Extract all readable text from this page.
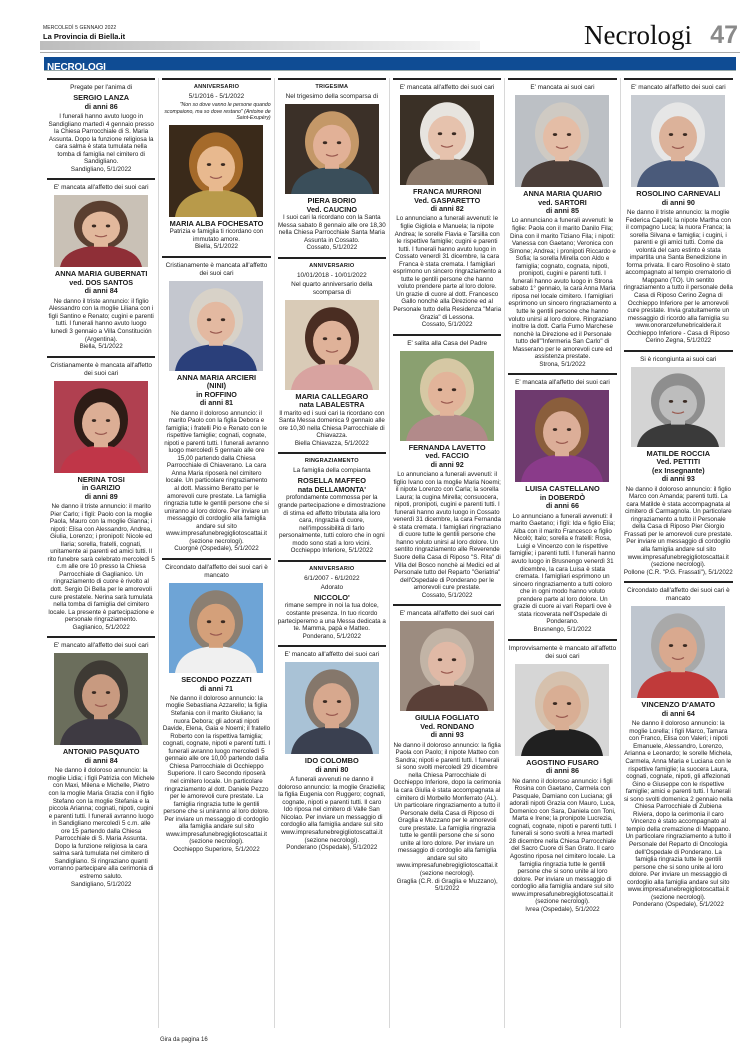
MERCOLEDÌ 5 GENNAIO 2022
La Provincia di Biella.it	Necrologi 47
NECROLOGI
Pregate per l'anima di
SERGIO LANZA
di anni 86
I funerali hanno avuto luogo in Sandigliano martedì 4 gennaio presso la Chiesa Parrocchiale di S. Maria Assunta. Dopo la funzione religiosa la cara salma è stata tumulata nella tomba di famiglia nel cimitero di Sandigliano.
Sandigliano, 5/1/2022
E' mancata all'affetto dei suoi cari
ANNA MARIA GUBERNATI
ved. DOS SANTOS
di anni 84
Ne danno il triste annuncio: il figlio Alessandro con la moglie Liliana con i figli Santino e Renato; cugini e parenti tutti. I funerali hanno avuto luogo lunedì 3 gennaio a Villa Constitución (Argentina).
Biella, 5/1/2022
Cristianamente è mancata all'affetto dei suoi cari
NERINA TOSI
in GARIZIO
di anni 89
Ne danno il triste annuncio: il marito Pier Carlo; i figli: Paolo con la moglie Paola, Mauro con la moglie Gianna; i nipoti: Elisa con Alessandro, Andrea, Giulia, Lorenzo; i pronipoti: Nicole ed Ilaria; sorella, fratelli, cognati, unitamente ai parenti ed amici tutti. Il rito funebre sarà celebrato mercoledì 5 c.m alle ore 10 presso la Chiesa Parrocchiale di Gaglianico. Un ringraziamento di cuore è rivolto al dott. Sergio Di Bella per le amorevoli cure prestatele. Nerina sarà tumulata nella tomba di famiglia del cimitero locale. La presente è partecipazione e personale ringraziamento.
Gaglianico, 5/1/2022
E' mancato all'affetto dei suoi cari
ANTONIO PASQUATO
di anni 84
Ne danno il doloroso annuncio: la moglie Lidia; i figli Patrizia con Michele con Maxi, Milena e Michelle, Pietro con la moglie Maria Grazia con il figlio Stefano con la moglie Stefania e la piccola Arianna; cognati, nipoti, cugini e parenti tutti. I funerali avranno luogo in Sandigliano mercoledì 5 c.m. alle ore 15 partendo dalla Chiesa Parrocchiale di S. Maria Assunta. Dopo la funzione religiosa la cara salma sarà tumulata nel cimitero di Sandigliano. Si ringraziano quanti vorranno partecipare alla cerimonia di estremo saluto.
Sandigliano, 5/1/2022
ANNIVERSARIO
5/1/2016 - 5/1/2022
"Non so dove vanno le persone quando scompaiono, ma so dove restano" (Antoine de Saint-Exupéry)
MARIA ALBA FOCHESATO
Patrizia e famiglia ti ricordano con immutato amore.
Biella, 5/1/2022
Cristianamente è mancata all'affetto dei suoi cari
ANNA MARIA ARCIERI
(NINI)
in ROFFINO
di anni 81
Ne danno il doloroso annuncio: il marito Paolo con la figlia Debora e famiglia; i fratelli Pio e Renato con le rispettive famiglie; cognati, cognate, nipoti e parenti tutti. I funerali avranno luogo mercoledì 5 gennaio alle ore 15,00 partendo dalla Chiesa Parrocchiale di Chiaverano. La cara Anna Maria riposerà nel cimitero locale. Un particolare ringraziamento al dott. Massimo Beratto per le amorevoli cure prestate. La famiglia ringrazia tutte le gentili persone che si uniranno al loro dolore. Per inviare un messaggio di cordoglio alla famiglia andare sul sito www.impresafunebregigliotoscattai.it (sezione necrologi).
Cuorgnè (Ospedale), 5/1/2022
Circondato dall'affetto dei suoi cari è mancato
SECONDO POZZATI
di anni 71
Ne danno il doloroso annuncio: la moglie Sebastiana Azzarello; la figlia Stefania con il marito Giuliano; la nuora Debora; gli adorati nipoti Davide, Elena, Gaia e Noemi; il fratello Roberto con la rispettiva famiglia; cognati, cognate, nipoti e parenti tutti. I funerali avranno luogo mercoledì 5 gennaio alle ore 10,00 partendo dalla Chiesa Parrocchiale di Occhieppo Superiore. Il caro Secondo riposerà nel cimitero locale. Un particolare ringraziamento al dott. Daniele Pezzo per le amorevoli cure prestate. La famiglia ringrazia tutte le gentili persone che si uniranno al loro dolore. Per inviare un messaggio di cordoglio alla famiglia andare sul sito www.impresafunebregigliotoscattai.it (sezione necrologi).
Occhieppo Superiore, 5/1/2022
TRIGESIMA
Nel trigesimo della scomparsa di
PIERA BORIO
Ved. CAUCINO
I suoi cari la ricordano con la Santa Messa sabato 8 gennaio alle ore 18,30 nella Chiesa Parrocchiale Santa Maria Assunta in Cossato.
Cossato, 5/1/2022
ANNIVERSARIO
10/01/2018 - 10/01/2022
Nel quarto anniversario della scomparsa di
MARIA CALLEGARO
nata LABALESTRA
Il marito ed i suoi cari la ricordano con Santa Messa domenica 9 gennaio alle ore 10,30 nella Chiesa Parrocchiale di Chiavazza.
Biella Chiavazza, 5/1/2022
RINGRAZIAMENTO
La famiglia della compianta
ROSELLA MAFFEO
nata DELLAMONTA'
profondamente commossa per la grande partecipazione e dimostrazione di stima ed affetto tributata alla loro cara, ringrazia di cuore, nell'impossibilità di farlo personalmente, tutti coloro che in ogni modo sono stati a loro vicini.
Occhieppo Inferiore, 5/1/2022
ANNIVERSARIO
6/1/2007 - 6/1/2022
Adorato
NICCOLO'
rimane sempre in noi la tua dolce, costante presenza. In tuo ricordo parteciperemo a una Messa dedicata a te. Mamma, papà e Matteo.
Ponderano, 5/1/2022
E' mancato all'affetto dei suoi cari
IDO COLOMBO
di anni 80
A funerali avvenuti ne danno il doloroso annuncio: la moglie Graziella; la figlia Eugenia con Ruggero; cognati, cognate, nipoti e parenti tutti. Il caro Ido riposa nel cimitero di Valle San Nicolao. Per inviare un messaggio di cordoglio alla famiglia andare sul sito www.impresafunebregigliotoscattai.it (sezione necrologi).
Ponderano (Ospedale), 5/1/2022
E' mancata all'affetto dei suoi cari
FRANCA MURRONI
Ved. GASPARETTO
di anni 82
Lo annunciano a funerali avvenuti: le figlie Gigliola e Manuela; la nipote Andrea; le sorelle Flavia e Tarsilla con le rispettive famiglie; cugini e parenti tutti. I funerali hanno avuto luogo in Cossato venerdì 31 dicembre, la cara Franca è stata cremata. I famigliari esprimono un sincero ringraziamento a tutte le gentili persone che hanno voluto prendere parte al loro dolore. Un grazie di cuore al dott. Francesco Gallo nonchè alla Direzione ed al Personale tutto della Residenza "Maria Grazia" di Lessona.
Cossato, 5/1/2022
E' salita alla Casa del Padre
FERNANDA LAVETTO
ved. FACCIO
di anni 92
Lo annunciano a funerali avvenuti: il figlio Ivano con la moglie Maria Noemi; il nipote Lorenzo con Carla; la sorella Laura; la cugina Mirella; consuocera, nipoti, pronipoti, cugini e parenti tutti. I funerali hanno avuto luogo in Cossato venerdì 31 dicembre, la cara Fernanda è stata cremata. I famigliari ringraziano di cuore tutte le gentili persone che hanno voluto unirsi al loro dolore. Un sentito ringraziamento alle Reverende Suore della Casa di Riposo "S. Rita" di Villa del Bosco nonchè ai Medici ed al Personale tutto del Reparto "Geriatria" dell'Ospedale di Ponderano per le amorevoli cure prestate.
Cossato, 5/1/2022
E' mancata all'affetto dei suoi cari
GIULIA FOGLIATO
Ved. RONDANO
di anni 93
Ne danno il doloroso annuncio: la figlia Paola con Paolo; il nipote Matteo con Sandra; nipoti e parenti tutti. I funerali si sono svolti mercoledì 29 dicembre nella Chiesa Parrocchiale di Occhieppo Inferiore, dopo la cerimonia la cara Giulia è stata accompagnata al cimitero di Morbello Monferrato (AL). Un particolare ringraziamento a tutto il Personale della Casa di Riposo di Graglia e Muzzano per le amorevoli cure prestate. La famiglia ringrazia tutte le gentili persone che si sono unite al loro dolore. Per inviare un messaggio di cordoglio alla famiglia andare sul sito www.impresafunebregigliotoscattai.it (sezione necrologi).
Graglia (C.R. di Graglia e Muzzano), 5/1/2022
E' mancata ai suoi cari
ANNA MARIA QUARIO
ved. SARTORI
di anni 85
Lo annunciano a funerali avvenuti: le figlie: Paola con il marito Danilo Fila; Dina con il marito Tiziano Fila; i nipoti: Vanessa con Gaetano; Veronica con Simone; Andrea; i pronipoti Riccardo e Sofia; la sorella Mirella con Aldo e famiglia; cognato, cognata, nipoti, pronipoti, cugini e parenti tutti. I funerali hanno avuto luogo in Strona sabato 1° gennaio, la cara Anna Maria riposa nel locale cimitero. I famigliari esprimono un sincero ringraziamento a tutte le gentili persone che hanno voluto unirsi al loro dolore. Ringraziano inoltre la dott. Carla Fumo Marchese nonchè la Direzione ed il Personale tutto dell'"Infermeria San Carlo" di Masserano per le amorevoli cure ed assistenza prestate.
Strona, 5/1/2022
E' mancata all'affetto dei suoi cari
LUISA CASTELLANO
in DOBERDÒ
di anni 66
Lo annunciano a funerali avvenuti: il marito Gaetano; i figli: Ida e figlio Elia; Alba con il marito Francesco e figlio Nicolò; Italo; sorella e fratelli: Rosa, Luigi e Vincenzo con le rispettive famiglie; i parenti tutti. I funerali hanno avuto luogo in Brusnengo venerdì 31 dicembre, la cara Luisa è stata cremata. I famigliari esprimono un sincero ringraziamento a tutti coloro che in ogni modo hanno voluto prendere parte al loro dolore. Un grazie di cuore ai vari Reparti ove è stata ricoverata nell'Ospedale di Ponderano.
Brusnengo, 5/1/2022
Improvvisamente è mancato all'affetto dei suoi cari
AGOSTINO FUSARO
di anni 86
Ne danno il doloroso annuncio: i figli Rosina con Gaetano, Carmela con Pasquale, Damiano con Luciana; gli adorati nipoti Grazia con Mauro, Luca, Domenico con Sara, Daniela con Toni, Marta e Irene; la pronipote Lucrezia, cognati, cognate, nipoti e parenti tutti. I funerali si sono svolti a Ivrea martedì 28 dicembre nella Chiesa Parrocchiale del Sacro Cuore di San Grato. Il caro Agostino riposa nel cimitero locale. La famiglia ringrazia tutte le gentili persone che si sono unite al loro dolore. Per inviare un messaggio di cordoglio alla famiglia andare sul sito www.impresafunebregigliotoscattai.it (sezione necrologi).
Ivrea (Ospedale), 5/1/2022
E' mancato all'affetto dei suoi cari
ROSOLINO CARNEVALI
di anni 90
Ne danno il triste annuncio: la moglie Federica Capelli; la nipote Martha con il compagno Luca; la nuora Franca; la sorella Silvana e famiglia; i cugini, i parenti e gli amici tutti. Come da volontà del caro estinto è stata impartita una Santa Benedizione in forma privata. Il caro Rosolino è stato accompagnato al tempio crematorio di Mappano (TO). Un sentito ringraziamento a tutto il personale della Casa di Riposo Cerino Zegna di Occhieppo Inferiore per le amorevoli cure prestate. Invia gratuitamente un messaggio di ricordo alla famiglia su www.onoranzefunebricaldera.it
Occhieppo Inferiore - Casa di Riposo Cerino Zegna, 5/1/2022
Si è ricongiunta ai suoi cari
MATILDE ROCCIA
Ved. PETTITI
(ex Insegnante)
di anni 93
Ne danno il doloroso annuncio: il figlio Marco con Amanda; parenti tutti. La cara Matilde è stata accompagnata al cimitero di Carmagnola. Un particolare ringraziamento a tutto il Personale della Casa di Riposo Pier Giorgio Frassati per le amorevoli cure prestate. Per inviare un messaggio di cordoglio alla famiglia andare sul sito www.impresafunebregigliotoscattai.it (sezione necrologi).
Pollone (C.R. "P.G. Frassati"), 5/1/2022
Circondato dall'affetto dei suoi cari è mancato
VINCENZO D'AMATO
di anni 64
Ne danno il doloroso annuncio: la moglie Lorella; i figli Marco, Tamara con Franco, Elisa con Valeri; i nipoti Emanuele, Alessandro, Lorenzo, Arianna e Leonardo; le sorelle Michela, Carmela, Anna Maria e Luciana con le rispettive famiglie; la suocera Laura, cognati, cognate, nipoti, gli affezionati Gino e Giuseppe con le rispettive famiglie; amici e parenti tutti. I funerali si sono svolti domenica 2 gennaio nella Chiesa Parrocchiale di Zubiena Riviera, dopo la cerimonia il caro Vincenzo è stato accompagnato al tempio della cremazione di Mappano. Un particolare ringraziamento a tutto il Personale del Reparto di Oncologia dell'Ospedale di Ponderano. La famiglia ringrazia tutte le gentili persone che si sono unite al loro dolore. Per inviare un messaggio di cordoglio alla famiglia andare sul sito www.impresafunebregigliotoscattai.it (sezione necrologi).
Ponderano (Ospedale), 5/1/2022
Gira da pagina 16
